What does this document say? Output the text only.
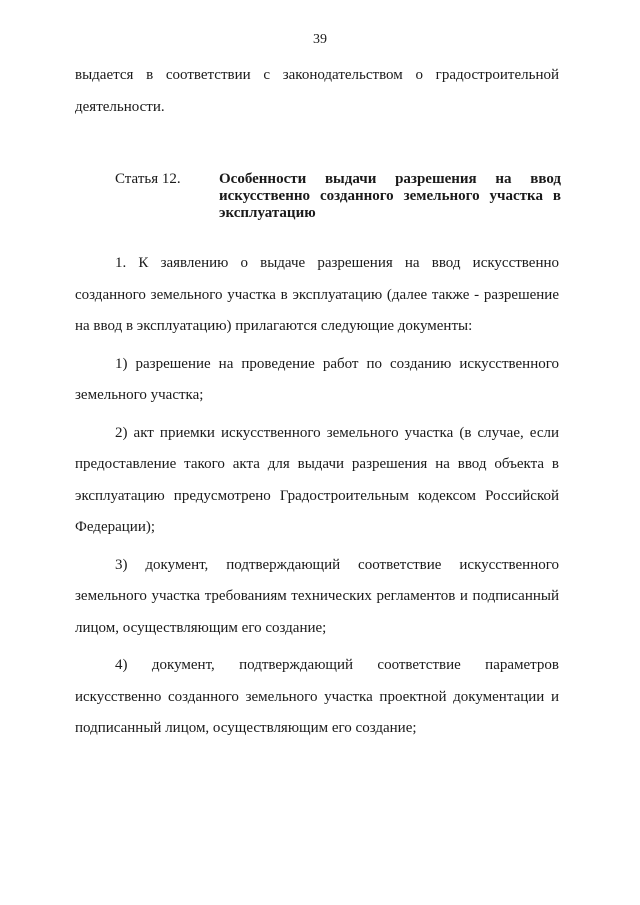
39

выдается в соответствии с законодательством о градостроительной деятельности.

Статья 12.	Особенности выдачи разрешения на ввод искусственно созданного земельного участка в эксплуатацию

1. К заявлению о выдаче разрешения на ввод искусственно созданного земельного участка в эксплуатацию (далее также - разрешение на ввод в эксплуатацию) прилагаются следующие документы:

1) разрешение на проведение работ по созданию искусственного земельного участка;

2) акт приемки искусственного земельного участка (в случае, если предоставление такого акта для выдачи разрешения на ввод объекта в эксплуатацию предусмотрено Градостроительным кодексом Российской Федерации);

3) документ, подтверждающий соответствие искусственного земельного участка требованиям технических регламентов и подписанный лицом, осуществляющим его создание;

4) документ, подтверждающий соответствие параметров искусственно созданного земельного участка проектной документации и подписанный лицом, осуществляющим его создание;
